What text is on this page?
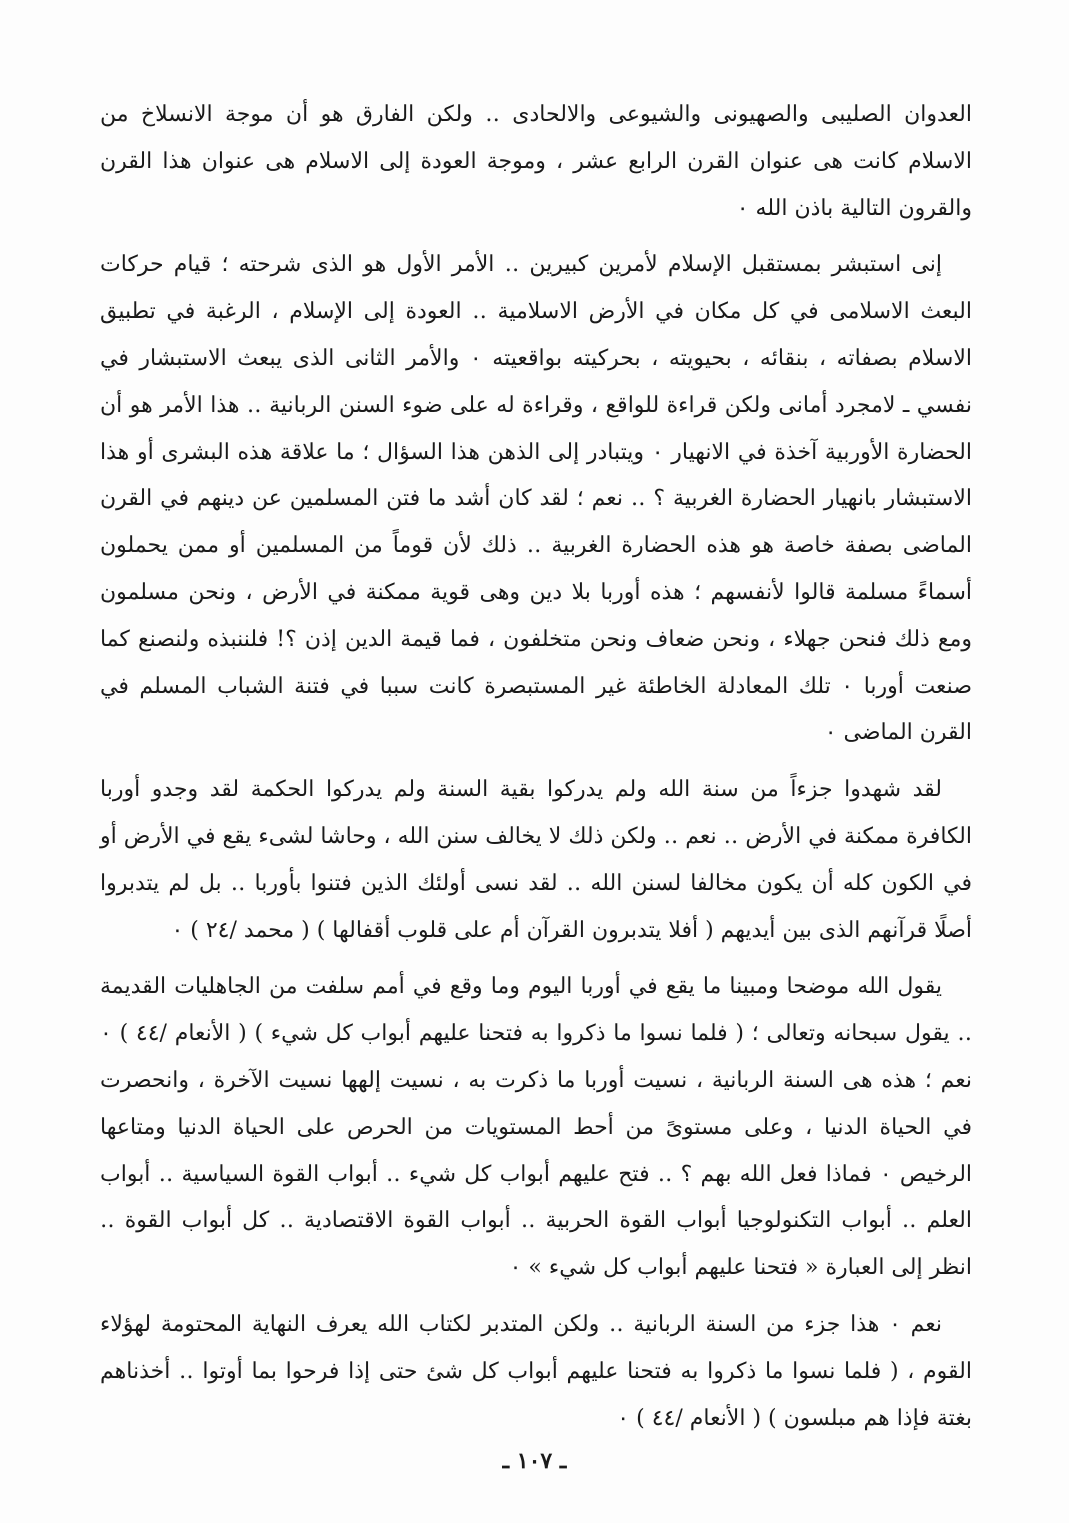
العدوان الصليبى والصهيونى والشيوعى والالحادى ‥ ولكن الفارق هو أن موجة الانسلاخ من الاسلام كانت هى عنوان القرن الرابع عشر ، وموجة العودة إلى الاسلام هى عنوان هذا القرن والقرون التالية باذن الله ٠

إنى استبشر بمستقبل الإسلام لأمرين كبيرين ‥ الأمر الأول هو الذى شرحته ؛ قيام حركات البعث الاسلامى في كل مكان في الأرض الاسلامية ‥ العودة إلى الإسلام ، الرغبة في تطبيق الاسلام بصفاته ، بنقائه ، بحيويته ، بحركيته بواقعيته ٠ والأمر الثانى الذى يبعث الاستبشار في نفسي ـ لامجرد أمانى ولكن قراءة للواقع ، وقراءة له على ضوء السنن الربانية ‥ هذا الأمر هو أن الحضارة الأوربية آخذة في الانهيار ٠ ويتبادر إلى الذهن هذا السؤال ؛ ما علاقة هذه البشرى أو هذا الاستبشار بانهيار الحضارة الغربية ؟ ‥ نعم ؛ لقد كان أشد ما فتن المسلمين عن دينهم في القرن الماضى بصفة خاصة هو هذه الحضارة الغربية ‥ ذلك لأن قوماً من المسلمين أو ممن يحملون أسماءً مسلمة قالوا لأنفسهم ؛ هذه أوربا بلا دين وهى قوية ممكنة في الأرض ، ونحن مسلمون ومع ذلك فنحن جهلاء ، ونحن ضعاف ونحن متخلفون ، فما قيمة الدين إذن ؟! فلننبذه ولنصنع كما صنعت أوربا ٠ تلك المعادلة الخاطئة غير المستبصرة كانت سببا في فتنة الشباب المسلم في القرن الماضى ٠

لقد شهدوا جزءاً من سنة الله ولم يدركوا بقية السنة ولم يدركوا الحكمة لقد وجدو أوربا الكافرة ممكنة في الأرض ‥ نعم ‥ ولكن ذلك لا يخالف سنن الله ، وحاشا لشىء يقع في الأرض أو في الكون كله أن يكون مخالفا لسنن الله ‥ لقد نسى أولئك الذين فتنوا بأوربا ‥ بل لم يتدبروا أصلًا قرآنهم الذى بين أيديهم ( أفلا يتدبرون القرآن أم على قلوب أقفالها ) ( محمد /٢٤ ) ٠

يقول الله موضحا ومبينا ما يقع في أوربا اليوم وما وقع في أمم سلفت من الجاهليات القديمة ‥ يقول سبحانه وتعالى ؛ ( فلما نسوا ما ذكروا به فتحنا عليهم أبواب كل شيء ) ( الأنعام /٤٤ ) ٠ نعم ؛ هذه هى السنة الربانية ، نسيت أوربا ما ذكرت به ، نسيت إلهها نسيت الآخرة ، وانحصرت في الحياة الدنيا ، وعلى مستوىً من أحط المستويات من الحرص على الحياة الدنيا ومتاعها الرخيص ٠ فماذا فعل الله بهم ؟ ‥ فتح عليهم أبواب كل شيء ‥ أبواب القوة السياسية ‥ أبواب العلم ‥ أبواب التكنولوجيا أبواب القوة الحربية ‥ أبواب القوة الاقتصادية ‥ كل أبواب القوة ‥ انظر إلى العبارة « فتحنا عليهم أبواب كل شيء » ٠

نعم ٠ هذا جزء من السنة الربانية ‥ ولكن المتدبر لكتاب الله يعرف النهاية المحتومة لهؤلاء القوم ، ( فلما نسوا ما ذكروا به فتحنا عليهم أبواب كل شئ حتى إذا فرحوا بما أوتوا ‥ أخذناهم بغتة فإذا هم مبلسون ) ( الأنعام /٤٤ ) ٠

ـ ١٠٧ ـ
